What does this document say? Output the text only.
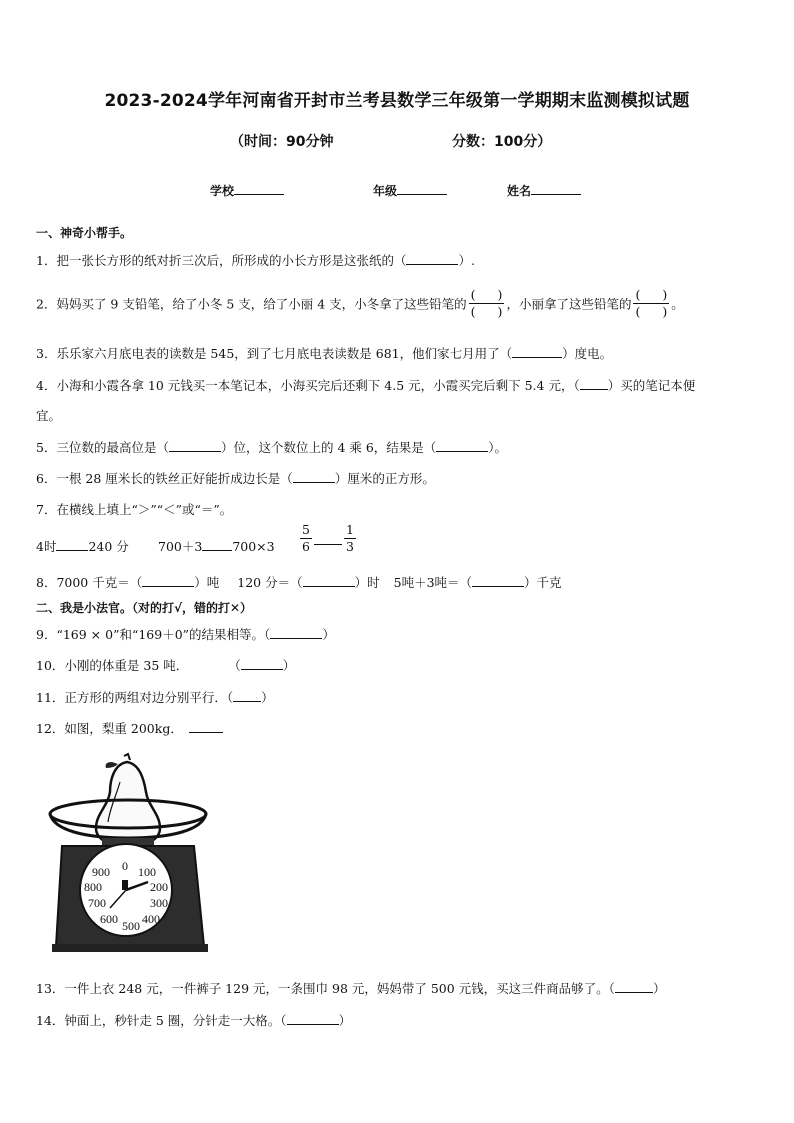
2023-2024学年河南省开封市兰考县数学三年级第一学期期末监测模拟试题
（时间：90分钟	分数：100分）
学校	年级	姓名
一、神奇小帮手。
1．把一张长方形的纸对折三次后，所形成的小长方形是这张纸的（	）.
2．妈妈买了 9 支铅笔，给了小冬 5 支，给了小丽 4 支，小冬拿了这些铅笔的 $\frac{( )}{( )}$ ，小丽拿了这些铅笔的 $\frac{( )}{( )}$ 。
3．乐乐家六月底电表的读数是 545，到了七月底电表读数是 681，他们家七月用了（	）度电。
4．小海和小霞各拿 10 元钱买一本笔记本，小海买完后还剩下 4.5 元，小霞买完后剩下 5.4 元，（ ）买的笔记本便
宜。
5．三位数的最高位是（	）位，这个数位上的 4 乘 6，结果是（	）。
6．一根 28 厘米长的铁丝正好能折成边长是（	）厘米的正方形。
7．在横线上填上“＞”“＜”或“＝”。
4时	240 分 700＋3 $700\times 3 \frac{5}{6}$	$\frac{1}{3}$
8．7000 千克＝（	）吨 120 分＝（	）时 5吨＋3吨＝（	）千克
二、我是小法官。（对的打√，错的打✕）
9．“169 × 0”和“169＋0”的结果相等。（	）
10．小刚的体重是 35 吨．	（	）
11．正方形的两组对边分别平行．（ ）
12．如图，梨重 200kg．
0 100
200
300
400
500
600
700
800
900
13．一件上衣 248 元，一件裤子 129 元，一条围巾 98 元，妈妈带了 500 元钱，买这三件商品够了。（	）
14．钟面上，秒针走 5 圈，分针走一大格。（	）
